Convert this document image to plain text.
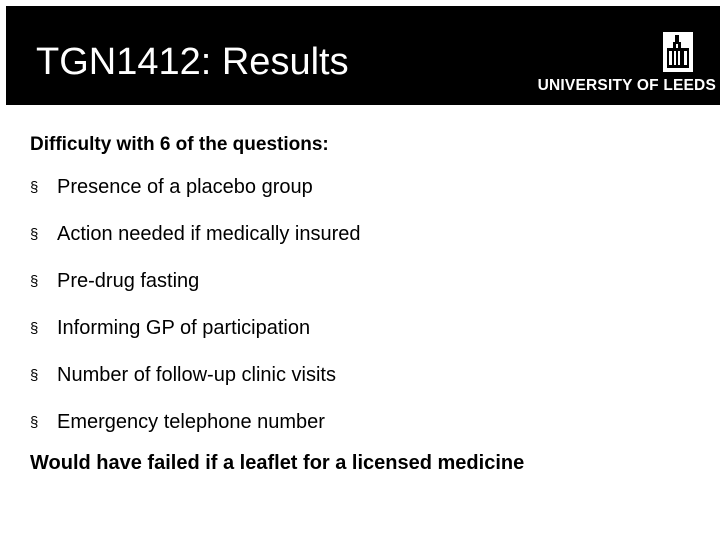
TGN1412: Results
UNIVERSITY OF LEEDS
Difficulty with 6 of the questions:
§ Presence of a placebo group
§ Action needed if medically insured
§ Pre-drug fasting
§ Informing GP of participation
§ Number of follow-up clinic visits
§ Emergency telephone number
Would have failed if a leaflet for a licensed medicine
